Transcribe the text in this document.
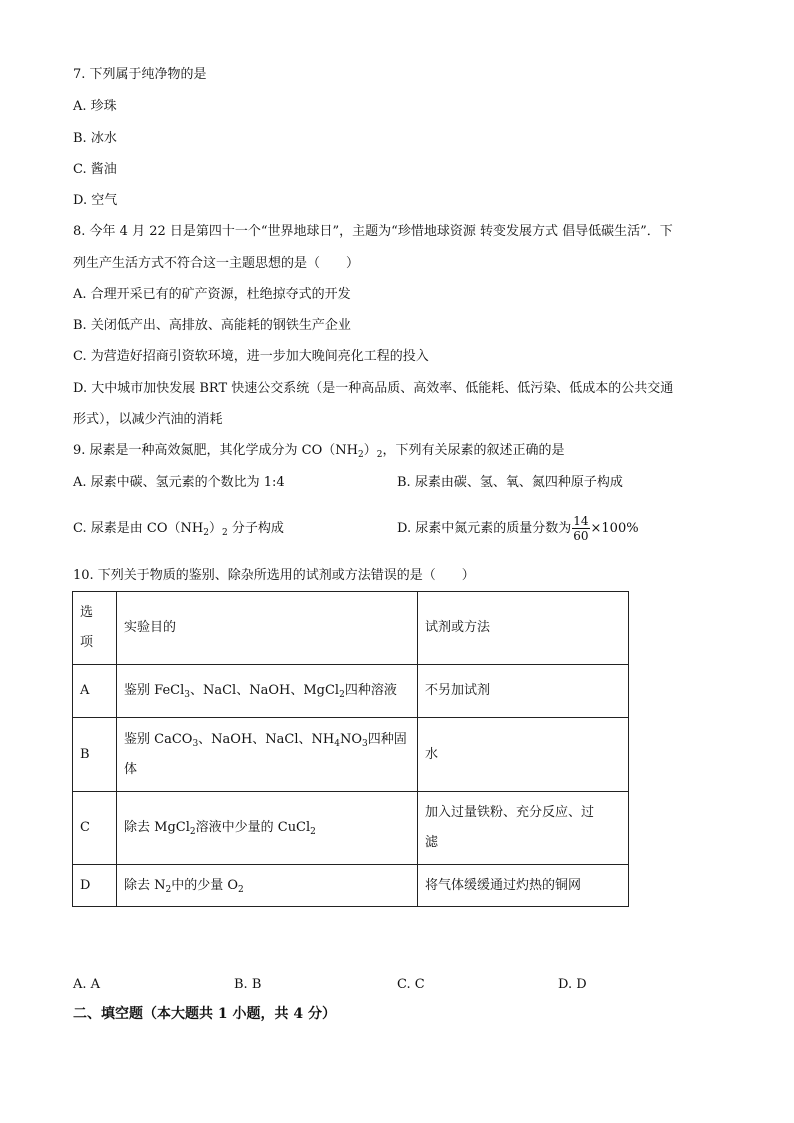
7. 下列属于纯净物的是
A. 珍珠
B. 冰水
C. 酱油
D. 空气
8. 今年 4 月 22 日是第四十一个“世界地球日”，主题为“珍惜地球资源 转变发展方式 倡导低碳生活”．下
列生产生活方式不符合这一主题思想的是（　　）
A. 合理开采已有的矿产资源，杜绝掠夺式的开发
B. 关闭低产出、高排放、高能耗的钢铁生产企业
C. 为营造好招商引资软环境，进一步加大晚间亮化工程的投入
D. 大中城市加快发展 BRT 快速公交系统（是一种高品质、高效率、低能耗、低污染、低成本的公共交通
形式），以减少汽油的消耗
9. 尿素是一种高效氮肥，其化学成分为 $CO(NH_2)_2$，下列有关尿素的叙述正确的是
A. 尿素中碳、氢元素的个数比为 1:4	B. 尿素由碳、氢、氧、氮四种原子构成
C. 尿素是由 $CO(NH_2)_2$ 分子构成	D. 尿素中氮元素的质量分数为 $\frac{14}{60} \times 100\%$
10. 下列关于物质的鉴别、除杂所选用的试剂或方法错误的是（　　）
选
项	实验目的	试剂或方法
A	鉴别 FeCl$_3$、NaCl、NaOH、MgCl$_2$四种溶液	不另加试剂
B	鉴别 CaCO$_3$、NaOH、NaCl、$NH_4NO_3$四种固
体	水
C	除去 MgCl$_2$溶液中少量的 CuCl$_2$	加入过量铁粉、充分反应、过
滤
D	除去 $N_2$中的少量 $O_2$	将气体缓缓通过灼热的铜网
A. A	B. B	C. C	D. D
二、填空题（本大题共 1 小题，共 4 分）
